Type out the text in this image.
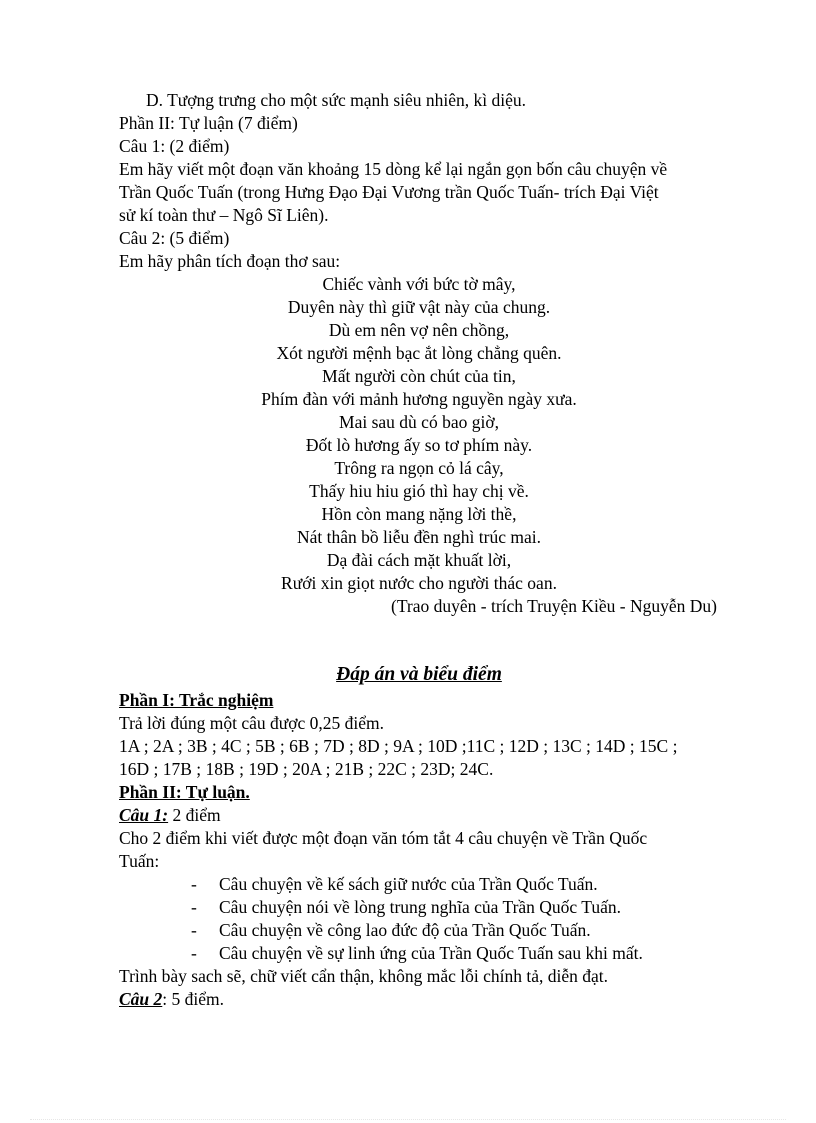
D. Tượng trưng cho một sức mạnh siêu nhiên, kì diệu.
Phần II: Tự luận (7 điểm)
Câu 1: (2 điểm)
Em hãy viết một đoạn văn khoảng 15 dòng kể lại ngắn gọn bốn câu chuyện về
Trần Quốc Tuấn (trong Hưng Đạo Đại Vương trần Quốc Tuấn- trích Đại Việt
sử kí toàn thư – Ngô Sĩ Liên).
Câu 2: (5 điểm)
Em hãy phân tích đoạn thơ sau:
Chiếc vành với bức tờ mây,
Duyên này thì giữ vật này của chung.
Dù em nên vợ nên chồng,
Xót người mệnh bạc ắt lòng chẳng quên.
Mất người còn chút của tin,
Phím đàn với mảnh hương nguyền ngày xưa.
Mai sau dù có bao giờ,
Đốt lò hương ấy so tơ phím này.
Trông ra ngọn cỏ lá cây,
Thấy hiu hiu gió thì hay chị về.
Hồn còn mang nặng lời thề,
Nát thân bồ liễu đền nghì trúc mai.
Dạ đài cách mặt khuất lời,
Rưới xin giọt nước cho người thác oan.
(Trao duyên - trích Truyện Kiều - Nguyễn Du)
Đáp án và biểu điểm
Phần I: Trắc nghiệm
Trả lời đúng một câu được 0,25 điểm.
1A ; 2A ; 3B ; 4C ; 5B ; 6B ; 7D ; 8D ; 9A ; 10D ;11C ; 12D ; 13C ; 14D ; 15C ;
16D ; 17B ; 18B ; 19D ; 20A ; 21B ; 22C ; 23D; 24C.
Phần II: Tự luận.
Câu 1: 2 điểm
Cho 2 điểm khi viết được một đoạn văn tóm tắt 4 câu chuyện về Trần Quốc
Tuấn:
- Câu chuyện về kế sách giữ nước của Trần Quốc Tuấn.
- Câu chuyện nói về lòng trung nghĩa của Trần Quốc Tuấn.
- Câu chuyện về công lao đức độ của Trần Quốc Tuấn.
- Câu chuyện về sự linh ứng của Trần Quốc Tuấn sau khi mất.
Trình bày sach sẽ, chữ viết cẩn thận, không mắc lỗi chính tả, diễn đạt.
Câu 2: 5 điểm.
